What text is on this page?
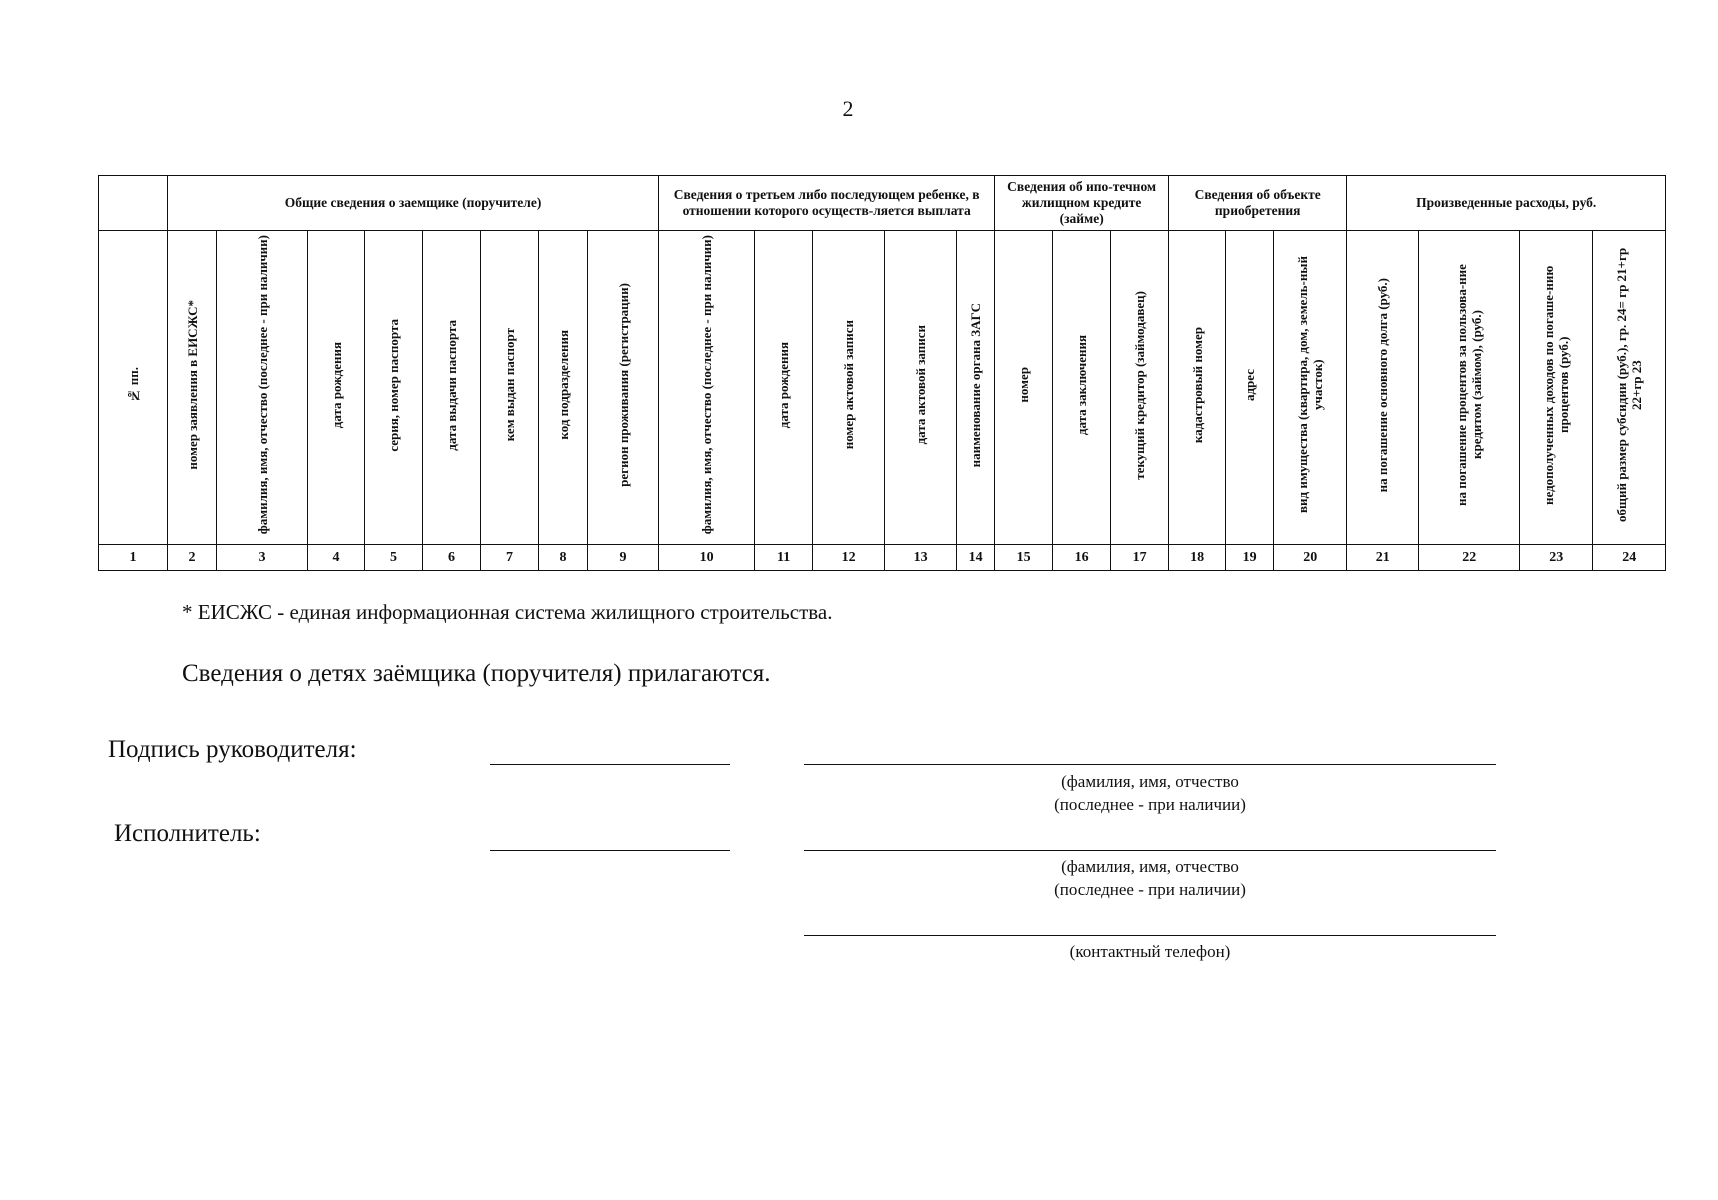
2
	Общие сведения о заемщике (поручителе)								Сведения о третьем либо последующем ребенке, в отношении которого осуществ-ляется выплата					Сведения об ипо-течном жилищном кредите (займе)			Сведения об объекте приобретения			Произведенные расходы, руб.			
№ пп.	номер заявления в ЕИСЖС*	фамилия, имя, отчество (последнее - при наличии)	дата рождения	серия, номер паспорта	дата выдачи паспорта	кем выдан паспорт	код подразделения	регион проживания (регистрации)	фамилия, имя, отчество (последнее - при наличии)	дата рождения	номер актовой записи	дата актовой записи	наименование органа ЗАГС	номер	дата заключения	текущий кредитор (займодавец)	кадастровый номер	адрес	вид имущества (квартира, дом, земель-ный участок)	на погашение основного долга (руб.)	на погашение процентов за пользова-ние кредитом (займом), (руб.)	недополученных доходов по погаше-нию процентов (руб.)	общий размер субсидии (руб.), гр. 24= гр 21+гр 22+гр 23
1	2	3	4	5	6	7	8	9	10	11	12	13	14	15	16	17	18	19	20	21	22	23	24
* ЕИСЖС - единая информационная система жилищного строительства.
Сведения о детях заёмщика (поручителя) прилагаются.
Подпись руководителя:
(фамилия, имя, отчество
(последнее - при наличии)
Исполнитель:
(фамилия, имя, отчество
(последнее - при наличии)
(контактный телефон)
